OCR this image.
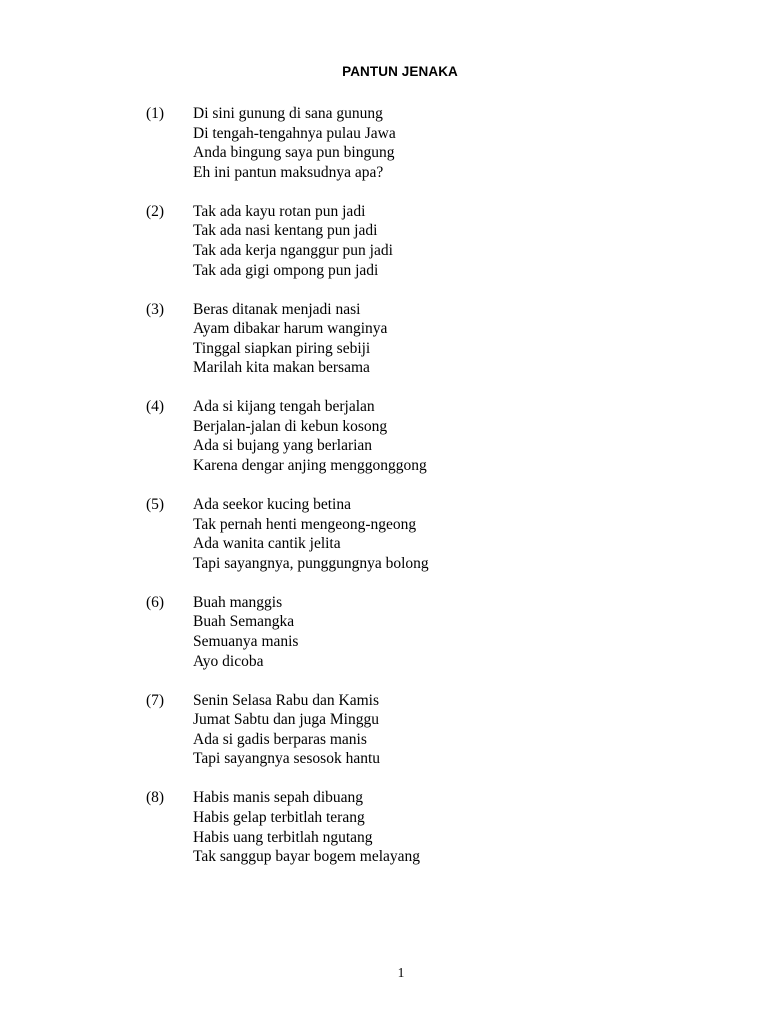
PANTUN JENAKA
(1)	Di sini gunung di sana gunung
Di tengah-tengahnya pulau Jawa
Anda bingung saya pun bingung
Eh ini pantun maksudnya apa?
(2)	Tak ada kayu rotan pun jadi
Tak ada nasi kentang pun jadi
Tak ada kerja nganggur pun jadi
Tak ada gigi ompong pun jadi
(3)	Beras ditanak menjadi nasi
Ayam dibakar harum wanginya
Tinggal siapkan piring sebiji
Marilah kita makan bersama
(4)	Ada si kijang tengah berjalan
Berjalan-jalan di kebun kosong
Ada si bujang yang berlarian
Karena dengar anjing menggonggong
(5)	Ada seekor kucing betina
Tak pernah henti mengeong-ngeong
Ada wanita cantik jelita
Tapi sayangnya, punggungnya bolong
(6)	Buah manggis
Buah Semangka
Semuanya manis
Ayo dicoba
(7)	Senin Selasa Rabu dan Kamis
Jumat Sabtu dan juga Minggu
Ada si gadis berparas manis
Tapi sayangnya sesosok hantu
(8)	Habis manis sepah dibuang
Habis gelap terbitlah terang
Habis uang terbitlah ngutang
Tak sanggup bayar bogem melayang
1
